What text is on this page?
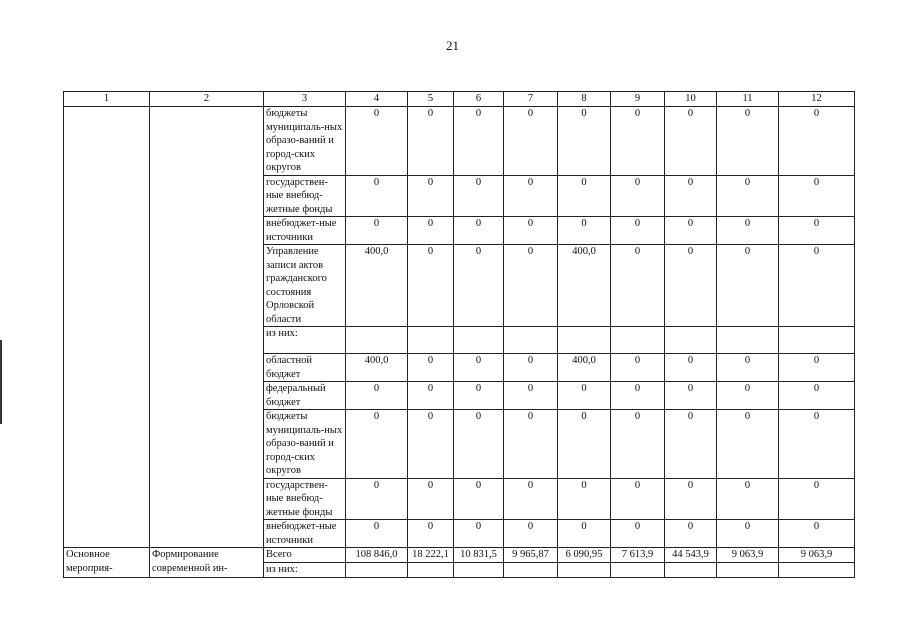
21
1	2	3	4	5	6	7	8	9	10	11	12
		бюджеты муниципаль-ных образо-ваний и город-ских округов	0	0	0	0	0	0	0	0	0
		государствен-ные внебюд-жетные фонды	0	0	0	0	0	0	0	0	0
		внебюджет-ные источники	0	0	0	0	0	0	0	0	0
		Управление записи актов гражданского состояния Орловской области	400,0	0	0	0	400,0	0	0	0	0
		из них:									
		областной бюджет	400,0	0	0	0	400,0	0	0	0	0
		федеральный бюджет	0	0	0	0	0	0	0	0	0
		бюджеты муниципаль-ных образо-ваний и город-ских округов	0	0	0	0	0	0	0	0	0
		государствен-ные внебюд-жетные фонды	0	0	0	0	0	0	0	0	0
		внебюджет-ные источники	0	0	0	0	0	0	0	0	0
Основное мероприя-	Формирование современной ин-	Всего	108 846,0	18 222,1	10 831,5	9 965,87	6 090,95	7 613,9	44 543,9	9 063,9	9 063,9
		из них:									
